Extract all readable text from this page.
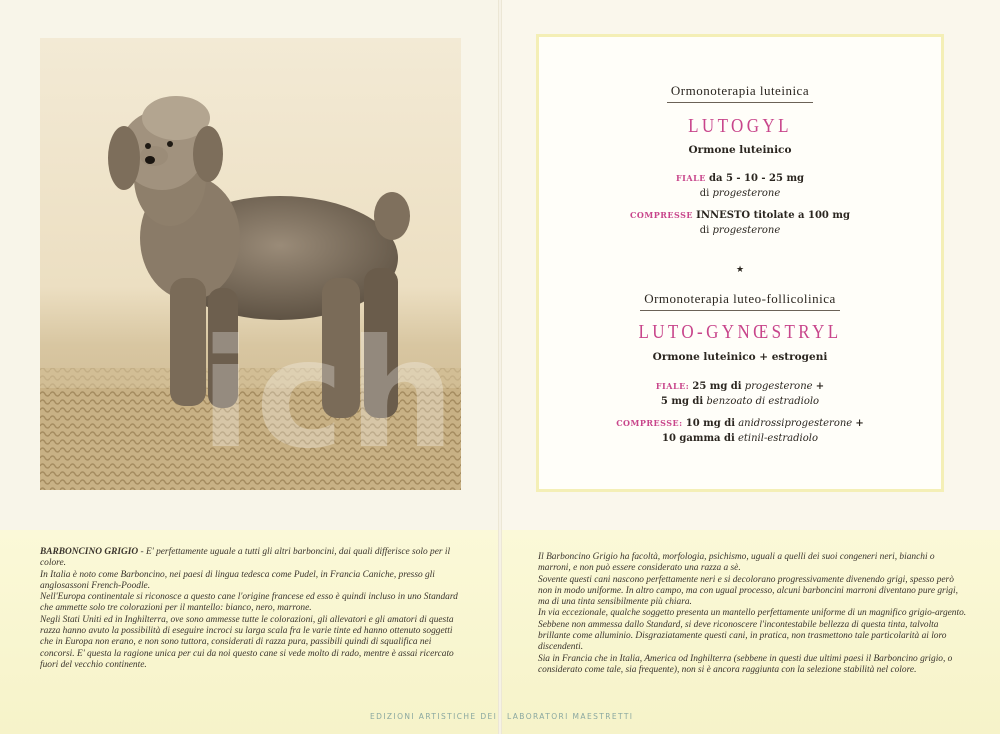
ich
Ormonoterapia luteinica
LUTOGYL
Ormone luteinico
FIALE da 5 - 10 - 25 mg
di progesterone
COMPRESSE INNESTO titolate a 100 mg
di progesterone
★
Ormonoterapia luteo-follicolinica
LUTO-GYNŒSTRYL
Ormone luteinico + estrogeni
FIALE: 25 mg di progesterone +
5 mg di benzoato di estradiolo
COMPRESSE: 10 mg di anidrossiprogesterone +
10 gamma di etinil-estradiolo

BARBONCINO GRIGIO - E' perfettamente uguale a tutti gli altri barboncini, dai quali differisce solo per il colore.

In Italia è noto come Barboncino, nei paesi di lingua tedesca come Pudel, in Francia Caniche, presso gli anglosassoni French-Poodle.

Nell'Europa continentale si riconosce a questo cane l'origine francese ed esso è quindi incluso in uno Standard che ammette solo tre colorazioni per il mantello: bianco, nero, marrone.

Negli Stati Uniti ed in Inghilterra, ove sono ammesse tutte le colorazioni, gli allevatori e gli amatori di questa razza hanno avuto la possibilità di eseguire incroci su larga scala fra le varie tinte ed hanno ottenuto soggetti che in Europa non erano, e non sono tuttora, considerati di razza pura, passibili quindi di squalifica nei concorsi. E' questa la ragione unica per cui da noi questo cane si vede molto di rado, mentre è assai ricercato fuori del vecchio continente.

Il Barboncino Grigio ha facoltà, morfologia, psichismo, uguali a quelli dei suoi congeneri neri, bianchi o marroni, e non può essere considerato una razza a sè.

Sovente questi cani nascono perfettamente neri e si decolorano progressivamente divenendo grigi, spesso però non in modo uniforme. In altro campo, ma con ugual processo, alcuni barboncini marroni diventano pure grigi, ma di una tinta sensibilmente più chiara.

In via eccezionale, qualche soggetto presenta un mantello perfettamente uniforme di un magnifico grigio-argento. Sebbene non ammessa dallo Standard, si deve riconoscere l'incontestabile bellezza di questa tinta, talvolta brillante come alluminio. Disgraziatamente questi cani, in pratica, non trasmettono tale particolarità ai loro discendenti.

Sia in Francia che in Italia, America od Inghilterra (sebbene in questi due ultimi paesi il Barboncino grigio, o considerato come tale, sia frequente), non si è ancora raggiunta con la selezione stabilità nel colore.

EDIZIONI ARTISTICHE DEI LABORATORI MAESTRETTI
